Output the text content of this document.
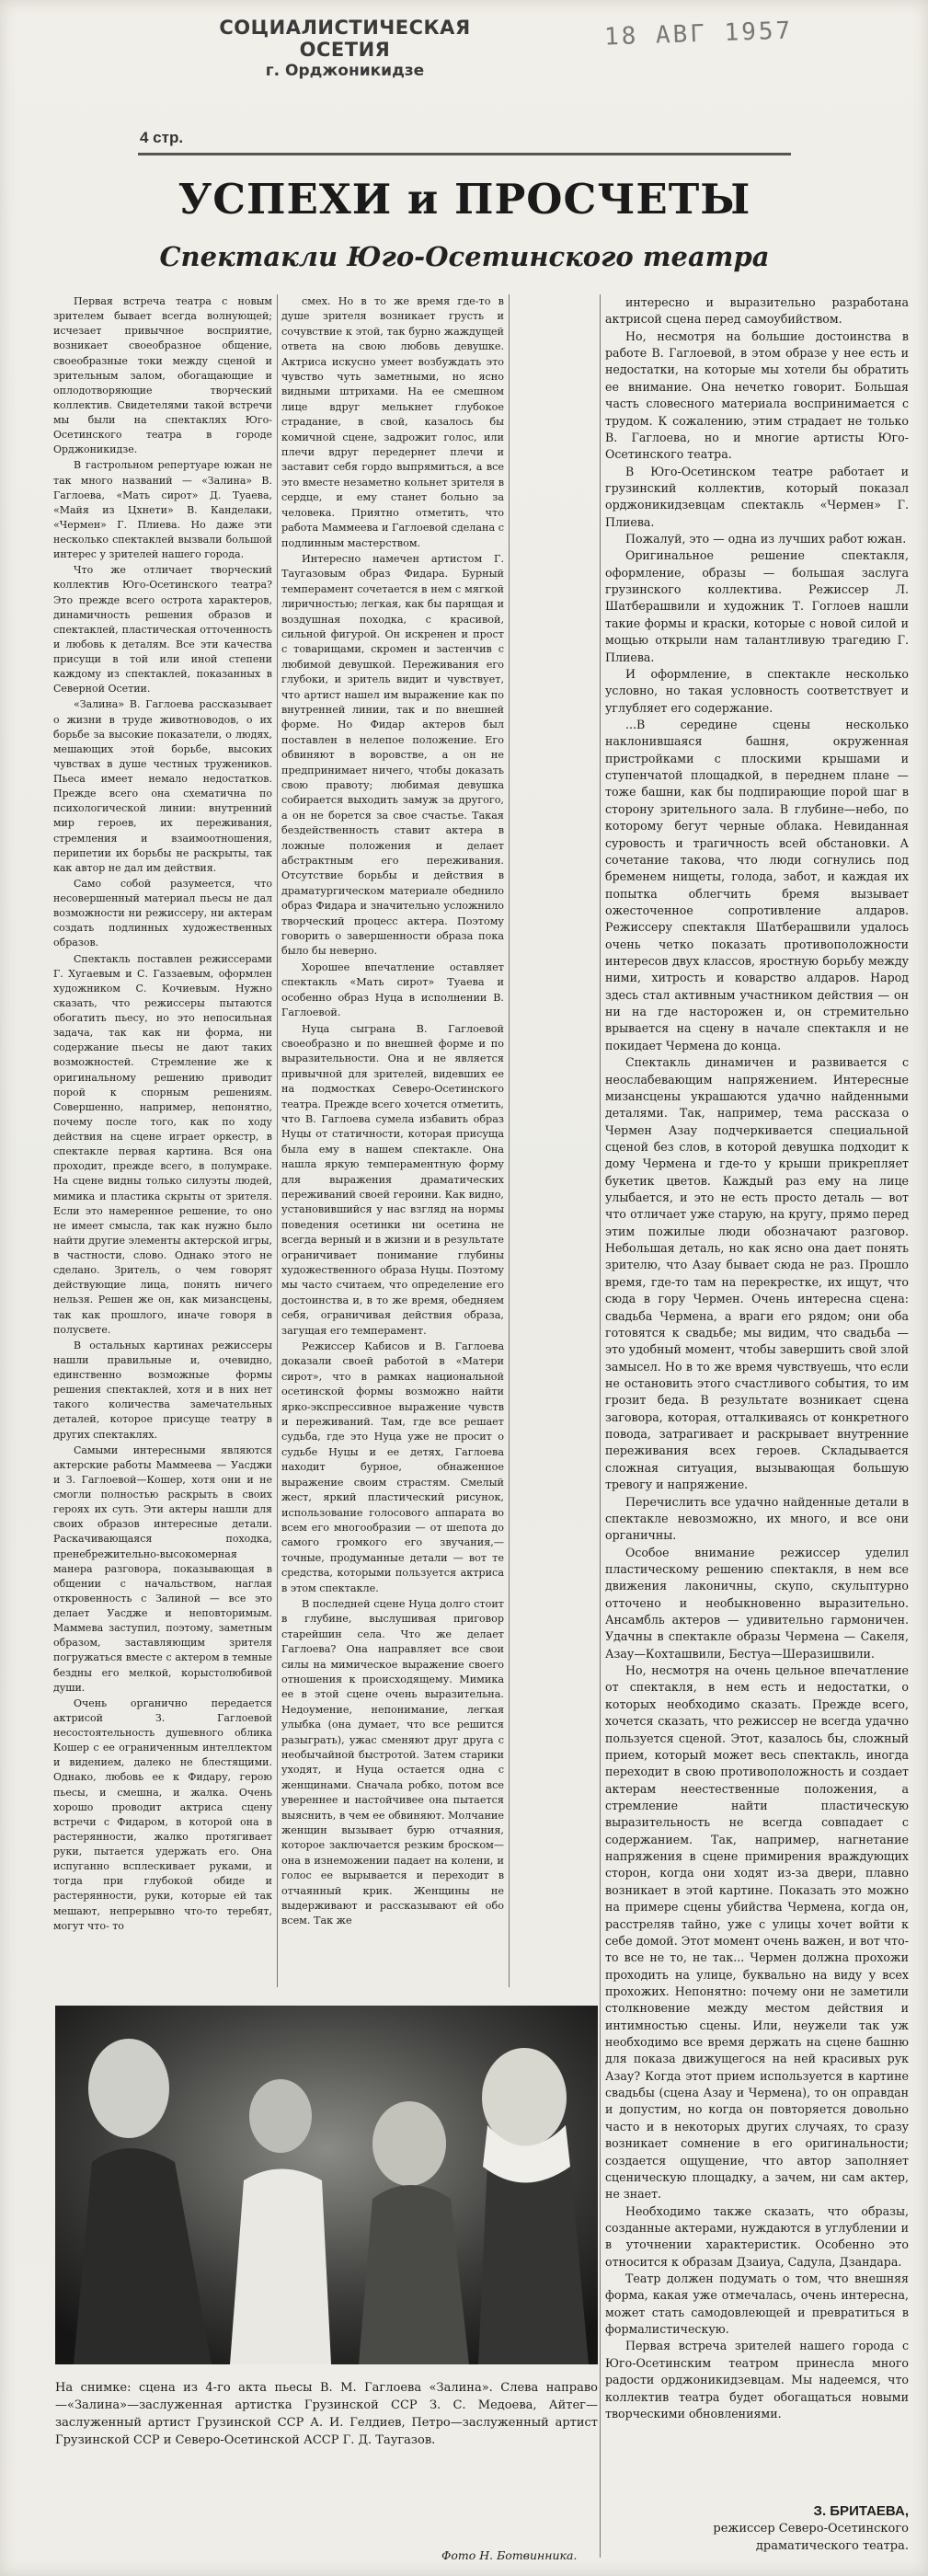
СОЦИАЛИСТИЧЕСКАЯ ОСЕТИЯ
г. Орджоникидзе
18 АВГ 1957
4 стр.
УСПЕХИ и ПРОСЧЕТЫ
Спектакли Юго-Осетинского театра

Первая встреча театра с новым зрителем бывает всегда волнующей; исчезает привычное восприятие, возникает своеобразное общение, своеобразные токи между сценой и зрительным залом, обогащающие и оплодотворяющие творческий коллектив. Свидетелями такой встречи мы были на спектаклях Юго-Осетинского театра в городе Орджоникидзе.

В гастрольном репертуаре южан не так много названий — «Залина» В. Гаглоева, «Мать сирот» Д. Туаева, «Майя из Цхнети» В. Канделаки, «Чермен» Г. Плиева. Но даже эти несколько спектаклей вызвали большой интерес у зрителей нашего города.

Что же отличает творческий коллектив Юго-Осетинского театра? Это прежде всего острота характеров, динамичность решения образов и спектаклей, пластическая отточенность и любовь к деталям. Все эти качества присущи в той или иной степени каждому из спектаклей, показанных в Северной Осетии.

«Залина» В. Гаглоева рассказывает о жизни в труде животноводов, о их борьбе за высокие показатели, о людях, мешающих этой борьбе, высоких чувствах в душе честных тружеников. Пьеса имеет немало недостатков. Прежде всего она схематична по психологической линии: внутренний мир героев, их переживания, стремления и взаимоотношения, перипетии их борьбы не раскрыты, так как автор не дал им действия.

Само собой разумеется, что несовершенный материал пьесы не дал возможности ни режиссеру, ни актерам создать подлинных художественных образов.

Спектакль поставлен режиссерами Г. Хугаевым и С. Газзаевым, оформлен художником С. Кочиевым. Нужно сказать, что режиссеры пытаются обогатить пьесу, но это непосильная задача, так как ни форма, ни содержание пьесы не дают таких возможностей. Стремление же к оригинальному решению приводит порой к спорным решениям. Совершенно, например, непонятно, почему после того, как по ходу действия на сцене играет оркестр, в спектакле первая картина. Вся она проходит, прежде всего, в полумраке. На сцене видны только силуэты людей, мимика и пластика скрыты от зрителя. Если это намеренное решение, то оно не имеет смысла, так как нужно было найти другие элементы актерской игры, в частности, слово. Однако этого не сделано. Зритель, о чем говорят действующие лица, понять ничего нельзя. Решен же он, как мизансцены, так как прошлого, иначе говоря в полусвете.

В остальных картинах режиссеры нашли правильные и, очевидно, единственно возможные формы решения спектаклей, хотя и в них нет такого количества замечательных деталей, которое присуще театру в других спектаклях.

Самыми интересными являются актерские работы Маммеева — Уасджи и З. Гаглоевой—Кошер, хотя они и не смогли полностью раскрыть в своих героях их суть. Эти актеры нашли для своих образов интересные детали. Раскачивающаяся походка, пренебрежительно-высокомерная манера разговора, показывающая в общении с начальством, наглая откровенность с Залиной — все это делает Уасдже и неповторимым. Маммева заступил, поэтому, заметным образом, заставляющим зрителя погружаться вместе с актером в темные бездны его мелкой, корыстолюбивой души.

Очень органично передается актрисой З. Гаглоевой несостоятельность душевного облика Кошер с ее ограниченным интеллектом и видением, далеко не блестящими. Однако, любовь ее к Фидару, герою пьесы, и смешна, и жалка. Очень хорошо проводит актриса сцену встречи с Фидаром, в которой она в растерянности, жалко протягивает руки, пытается удержать его. Она испуганно всплескивает руками, и тогда при глубокой обиде и растерянности, руки, которые ей так мешают, непрерывно что-то теребят, могут что- то

смех. Но в то же время где-то в душе зрителя возникает грусть и сочувствие к этой, так бурно жаждущей ответа на свою любовь девушке. Актриса искусно умеет возбуждать это чувство чуть заметными, но ясно видными штрихами. На ее смешном лице вдруг мелькнет глубокое страдание, в свой, казалось бы комичной сцене, задрожит голос, или плечи вдруг передернет плечи и заставит себя гордо выпрямиться, а все это вместе незаметно кольнет зрителя в сердце, и ему станет больно за человека. Приятно отметить, что работа Маммеева и Гаглоевой сделана с подлинным мастерством.

Интересно намечен артистом Г. Таугазовым образ Фидара. Бурный темперамент сочетается в нем с мягкой лиричностью; легкая, как бы парящая и воздушная походка, с красивой, сильной фигурой. Он искренен и прост с товарищами, скромен и застенчив с любимой девушкой. Переживания его глубоки, и зритель видит и чувствует, что артист нашел им выражение как по внутренней линии, так и по внешней форме. Но Фидар актеров был поставлен в нелепое положение. Его обвиняют в воровстве, а он не предпринимает ничего, чтобы доказать свою правоту; любимая девушка собирается выходить замуж за другого, а он не борется за свое счастье. Такая бездейственность ставит актера в ложные положения и делает абстрактным его переживания. Отсутствие борьбы и действия в драматургическом материале обеднило образ Фидара и значительно усложнило творческий процесс актера. Поэтому говорить о завершенности образа пока было бы неверно.

Хорошее впечатление оставляет спектакль «Мать сирот» Туаева и особенно образ Нуца в исполнении В. Гаглоевой.

Нуца сыграна В. Гаглоевой своеобразно и по внешней форме и по выразительности. Она и не является привычной для зрителей, видевших ее на подмостках Северо-Осетинского театра. Прежде всего хочется отметить, что В. Гаглоева сумела избавить образ Нуцы от статичности, которая присуща была ему в нашем спектакле. Она нашла яркую темпераментную форму для выражения драматических переживаний своей героини. Как видно, установившийся у нас взгляд на нормы поведения осетинки ни осетина не всегда верный и в жизни и в результате ограничивает понимание глубины художественного образа Нуцы. Поэтому мы часто считаем, что определение его достоинства и, в то же время, обедняем себя, ограничивая действия образа, загущая его темперамент.

Режиссер Кабисов и В. Гаглоева доказали своей работой в «Матери сирот», что в рамках национальной осетинской формы возможно найти ярко-экспрессивное выражение чувств и переживаний. Там, где все решает судьба, где это Нуца уже не просит о судьбе Нуцы и ее детях, Гаглоева находит бурное, обнаженное выражение своим страстям. Смелый жест, яркий пластический рисунок, использование голосового аппарата во всем его многообразии — от шепота до самого громкого его звучания,— точные, продуманные детали — вот те средства, которыми пользуется актриса в этом спектакле.

В последней сцене Нуца долго стоит в глубине, выслушивая приговор старейшин села. Что же делает Гаглоева? Она направляет все свои силы на мимическое выражение своего отношения к происходящему. Мимика ее в этой сцене очень выразительна. Недоумение, непонимание, легкая улыбка (она думает, что все решится разыграть), ужас сменяют друг друга с необычайной быстротой. Затем старики уходят, и Нуца остается одна с женщинами. Сначала робко, потом все увереннее и настойчивее она пытается выяснить, в чем ее обвиняют. Молчание женщин вызывает бурю отчаяния, которое заключается резким броском—она в изнеможении падает на колени, и голос ее вырывается и переходит в отчаянный крик. Женщины не выдерживают и рассказывают ей обо всем. Так же

На снимке: сцена из 4-го акта пьесы В. М. Гаглоева «Залина». Слева направо—«Залина»—заслуженная артистка Грузинской ССР З. С. Медоева, Айтег—заслуженный артист Грузинской ССР А. И. Гелдиев, Петро—заслуженный артист Грузинской ССР и Северо-Осетинской АССР Г. Д. Таугазов.
Фото Н. Ботвинника.

интересно и выразительно разработана актрисой сцена перед самоубийством.

Но, несмотря на большие достоинства в работе В. Гаглоевой, в этом образе у нее есть и недостатки, на которые мы хотели бы обратить ее внимание. Она нечетко говорит. Большая часть словесного материала воспринимается с трудом. К сожалению, этим страдает не только В. Гаглоева, но и многие артисты Юго-Осетинского театра.

В Юго-Осетинском театре работает и грузинский коллектив, который показал орджоникидзевцам спектакль «Чермен» Г. Плиева.

Пожалуй, это — одна из лучших работ южан.

Оригинальное решение спектакля, оформление, образы — большая заслуга грузинского коллектива. Режиссер Л. Шатберашвили и художник Т. Гоглоев нашли такие формы и краски, которые с новой силой и мощью открыли нам талантливую трагедию Г. Плиева.

И оформление, в спектакле несколько условно, но такая условность соответствует и углубляет его содержание.

...В середине сцены несколько наклонившаяся башня, окруженная пристройками с плоскими крышами и ступенчатой площадкой, в переднем плане — тоже башни, как бы подпирающие порой шаг в сторону зрительного зала. В глубине—небо, по которому бегут черные облака. Невиданная суровость и трагичность всей обстановки. А сочетание такова, что люди согнулись под бременем нищеты, голода, забот, и каждая их попытка облегчить бремя вызывает ожесточенное сопротивление алдаров. Режиссеру спектакля Шатберашвили удалось очень четко показать противоположности интересов двух классов, яростную борьбу между ними, хитрость и коварство алдаров. Народ здесь стал активным участником действия — он ни на где насторожен и, он стремительно врывается на сцену в начале спектакля и не покидает Чермена до конца.

Спектакль динамичен и развивается с неослабевающим напряжением. Интересные мизансцены украшаются удачно найденными деталями. Так, например, тема рассказа о Чермен Азау подчеркивается специальной сценой без слов, в которой девушка подходит к дому Чермена и где-то у крыши прикрепляет букетик цветов. Каждый раз ему на лице улыбается, и это не есть просто деталь — вот что отличает уже старую, на кругу, прямо перед этим пожилые люди обозначают разговор. Небольшая деталь, но как ясно она дает понять зрителю, что Азау бывает сюда не раз. Прошло время, где-то там на перекрестке, их ищут, что сюда в гору Чермен. Очень интересна сцена: свадьба Чермена, а враги его рядом; они оба готовятся к свадьбе; мы видим, что свадьба — это удобный момент, чтобы завершить свой злой замысел. Но в то же время чувствуешь, что если не остановить этого счастливого события, то им грозит беда. В результате возникает сцена заговора, которая, отталкиваясь от конкретного повода, затрагивает и раскрывает внутренние переживания всех героев. Складывается сложная ситуация, вызывающая большую тревогу и напряжение.

Перечислить все удачно найденные детали в спектакле невозможно, их много, и все они органичны.

Особое внимание режиссер уделил пластическому решению спектакля, в нем все движения лаконичны, скупо, скульптурно отточено и необыкновенно выразительно. Ансамбль актеров — удивительно гармоничен. Удачны в спектакле образы Чермена — Сакеля, Азау—Кохташвили, Бестуа—Шеразишвили.

Но, несмотря на очень цельное впечатление от спектакля, в нем есть и недостатки, о которых необходимо сказать. Прежде всего, хочется сказать, что режиссер не всегда удачно пользуется сценой. Этот, казалось бы, сложный прием, который может весь спектакль, иногда переходит в свою противоположность и создает актерам неестественные положения, а стремление найти пластическую выразительность не всегда совпадает с содержанием. Так, например, нагнетание напряжения в сцене примирения враждующих сторон, когда они ходят из-за двери, плавно возникает в этой картине. Показать это можно на примере сцены убийства Чермена, когда он, расстреляв тайно, уже с улицы хочет войти к себе домой. Этот момент очень важен, и вот что-то все не то, не так... Чермен должна прохожи проходить на улице, буквально на виду у всех прохожих. Непонятно: почему они не заметили столкновение между местом действия и интимностью сцены. Или, неужели так уж необходимо все время держать на сцене башню для показа движущегося на ней красивых рук Азау? Когда этот прием используется в картине свадьбы (сцена Азау и Чермена), то он оправдан и допустим, но когда он повторяется довольно часто и в некоторых других случаях, то сразу возникает сомнение в его оригинальности; создается ощущение, что автор заполняет сценическую площадку, а зачем, ни сам актер, не знает.

Необходимо также сказать, что образы, созданные актерами, нуждаются в углублении и в уточнении характеристик. Особенно это относится к образам Дзаиуа, Садула, Дзандара.

Театр должен подумать о том, что внешняя форма, какая уже отмечалась, очень интересна, может стать самодовлеющей и превратиться в формалистическую.

Первая встреча зрителей нашего города с Юго-Осетинским театром принесла много радости орджоникидзевцам. Мы надеемся, что коллектив театра будет обогащаться новыми творческими обновлениями.

З. БРИТАЕВА,
режиссер Северо-Осетинского
драматического театра.
